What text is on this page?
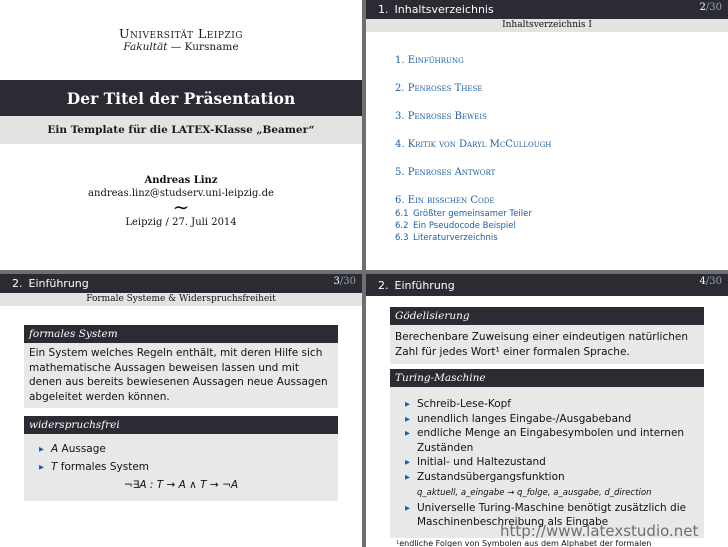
Universität Leipzig
Fakultät — Kursname
Der Titel der Präsentation
Ein Template für die LATEX-Klasse „Beamer“
Andreas Linz
andreas.linz@studserv.uni-leipzig.de
∼
Leipzig / 27. Juli 2014
1. Inhaltsverzeichnis	2/30
Inhaltsverzeichnis I
1. Einführung
2. Penroses These
3. Penroses Beweis
4. Kritik von Daryl McCullough
5. Penroses Antwort
6. Ein bisschen Code
6.1 Größter gemeinsamer Teiler
6.2 Ein Pseudocode Beispiel
6.3 Literaturverzeichnis
2. Einführung	3/30
Formale Systeme & Widerspruchsfreiheit
formales System
Ein System welches Regeln enthält, mit deren Hilfe sich mathematische Aussagen beweisen lassen und mit denen aus bereits bewiesenen Aussagen neue Aussagen abgeleitet werden können.
widerspruchsfrei
▶ A Aussage
▶ T formales System
¬∃A : T → A ∧ T → ¬A
2. Einführung	4/30
Gödelisierung
Berechenbare Zuweisung einer eindeutigen natürlichen Zahl für jedes Wort¹ einer formalen Sprache.
Turing-Maschine
▶ Schreib-Lese-Kopf
▶ unendlich langes Eingabe-/Ausgabeband
▶ endliche Menge an Eingabesymbolen und internen Zuständen
▶ Initial- und Haltezustand
▶ Zustandsübergangsfunktion
q_aktuell, a_eingabe → q_folge, a_ausgabe, d_direction
▶ Universelle Turing-Maschine benötigt zusätzlich die Maschinenbeschreibung als Eingabe
¹endliche Folgen von Symbolen aus dem Alphabet der formalen
http://www.latexstudio.net
